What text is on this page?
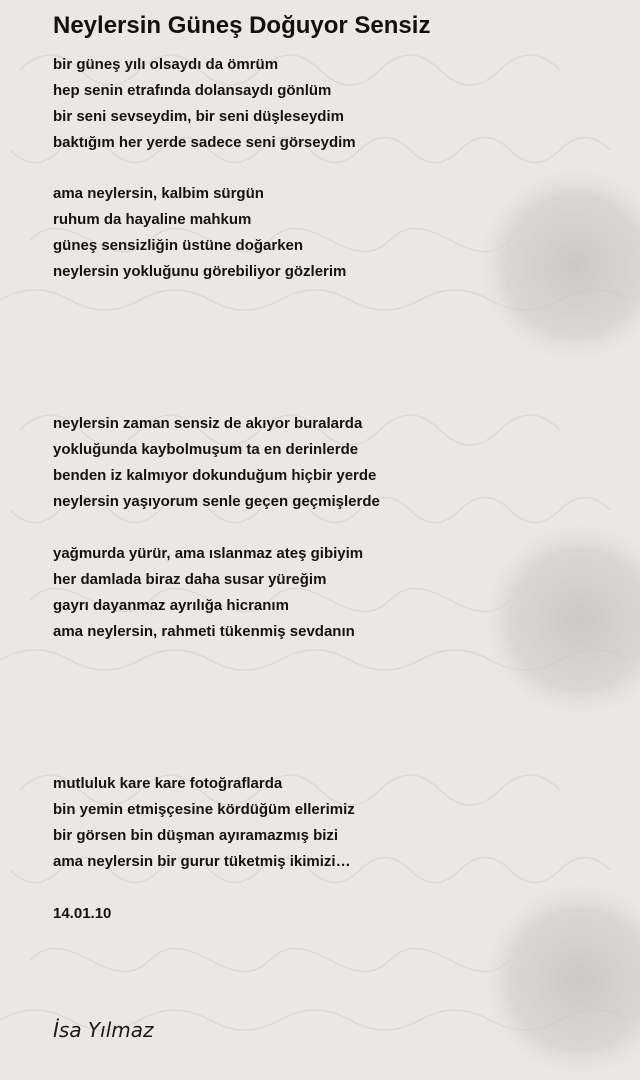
Neylersin Güneş Doğuyor Sensiz
bir güneş yılı olsaydı da ömrüm
hep senin etrafında dolansaydı gönlüm
bir seni sevseydim, bir seni düşleseydim
baktığım her yerde sadece seni görseydim
ama neylersin, kalbim sürgün
ruhum da hayaline mahkum
güneş sensizliğin üstüne doğarken
neylersin yokluğunu görebiliyor gözlerim
neylersin zaman sensiz de akıyor buralarda
yokluğunda kaybolmuşum ta en derinlerde
benden iz kalmıyor dokunduğum hiçbir yerde
neylersin yaşıyorum senle geçen geçmişlerde
yağmurda yürür, ama ıslanmaz ateş gibiyim
her damlada biraz daha susar yüreğim
gayrı dayanmaz ayrılığa hicranım
ama neylersin, rahmeti tükenmiş sevdanın
mutluluk kare kare fotoğraflarda
bin yemin etmişçesine kördüğüm ellerimiz
bir görsen bin düşman ayıramazmış bizi
ama neylersin bir gurur tüketmiş ikimizi…
14.01.10
İsa Yılmaz
